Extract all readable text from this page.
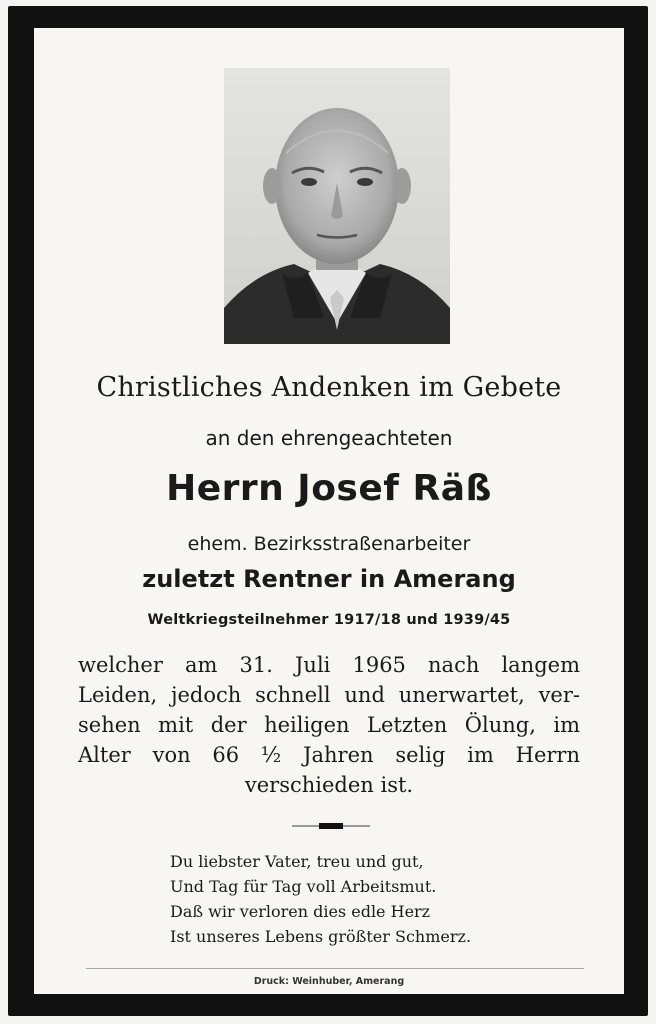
Christliches Andenken im Gebete
an den ehrengeachteten
Herrn Josef Räß
ehem. Bezirksstraßenarbeiter
zuletzt Rentner in Amerang
Weltkriegsteilnehmer 1917/18 und 1939/45
welcher am 31. Juli 1965 nach langem
Leiden, jedoch schnell und unerwartet, ver-
sehen mit der heiligen Letzten Ölung, im
Alter von 66 ½ Jahren selig im Herrn
verschieden ist.
Du liebster Vater, treu und gut,
Und Tag für Tag voll Arbeitsmut.
Daß wir verloren dies edle Herz
Ist unseres Lebens größter Schmerz.
Druck: Weinhuber, Amerang
